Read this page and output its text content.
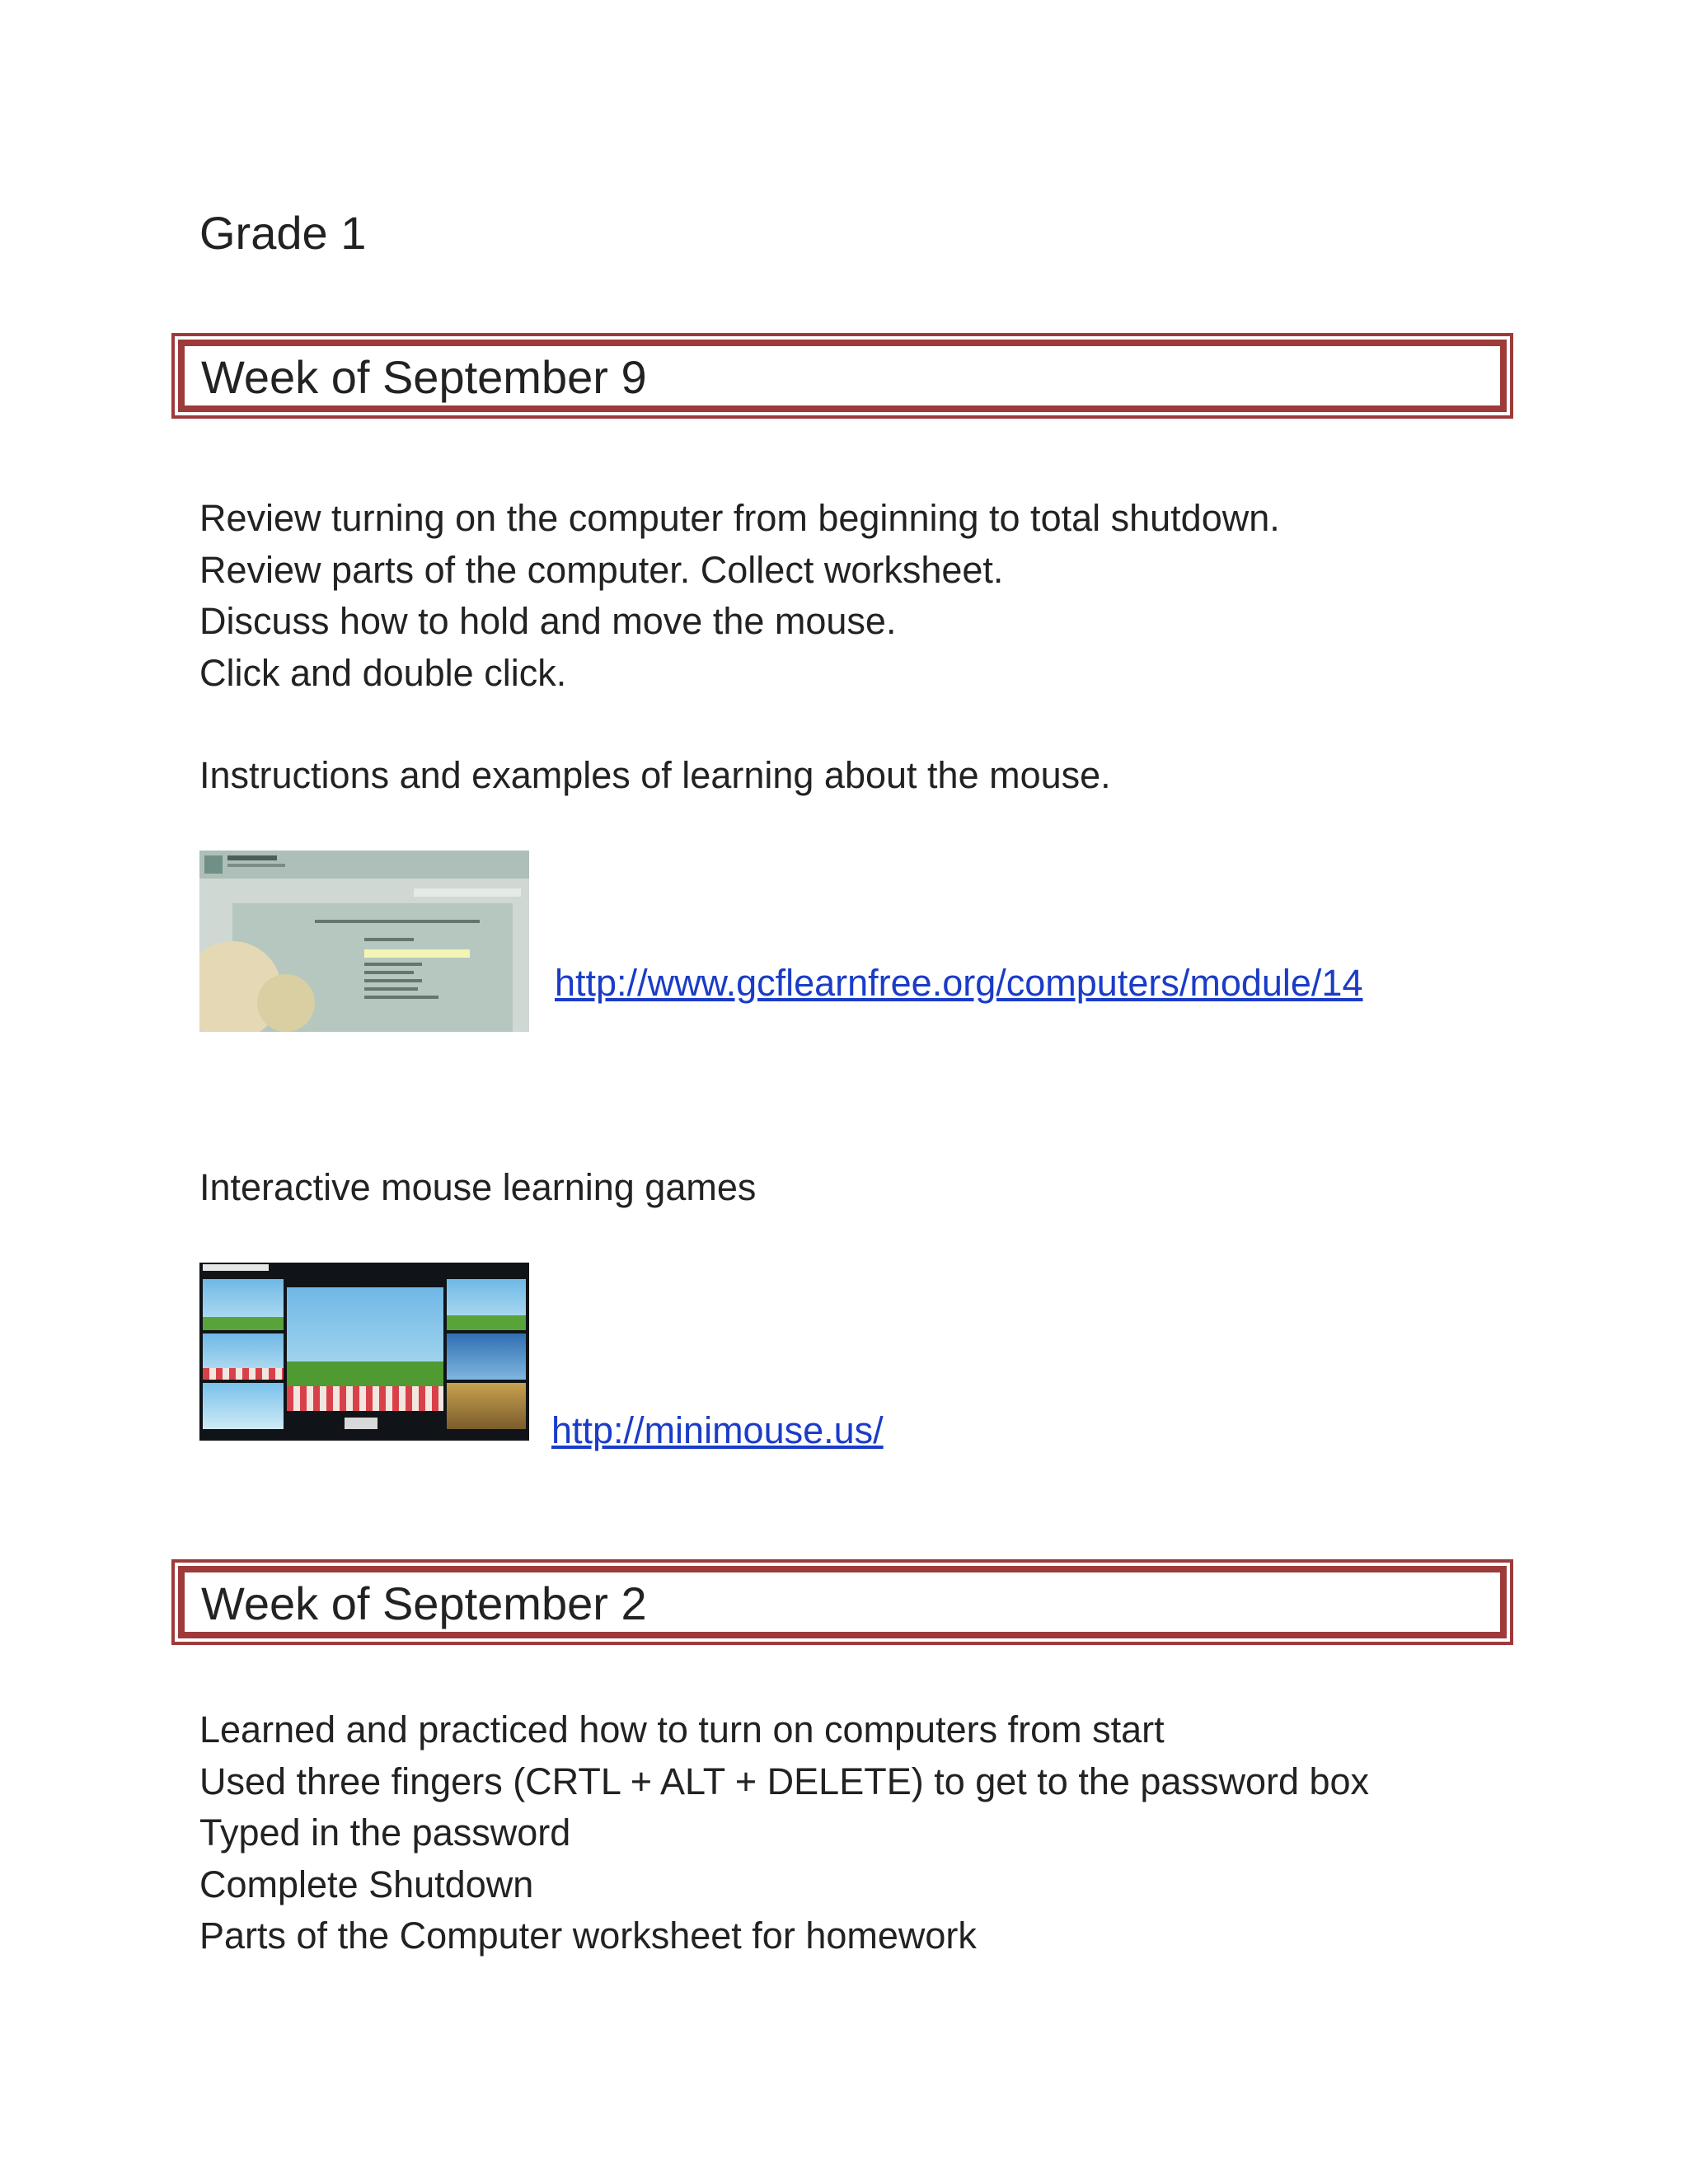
Grade 1
Week of September 9
Review turning on the computer from beginning to total shutdown.
Review parts of the computer. Collect worksheet.
Discuss how to hold and move the mouse.
Click and double click.
Instructions and examples of learning about the mouse.
http://www.gcflearnfree.org/computers/module/14
Interactive mouse learning games
http://minimouse.us/
Week of September 2
Learned and practiced how to turn on computers from start
Used three fingers (CRTL + ALT + DELETE) to get to the password box
Typed in the password
Complete Shutdown
Parts of the Computer worksheet for homework
